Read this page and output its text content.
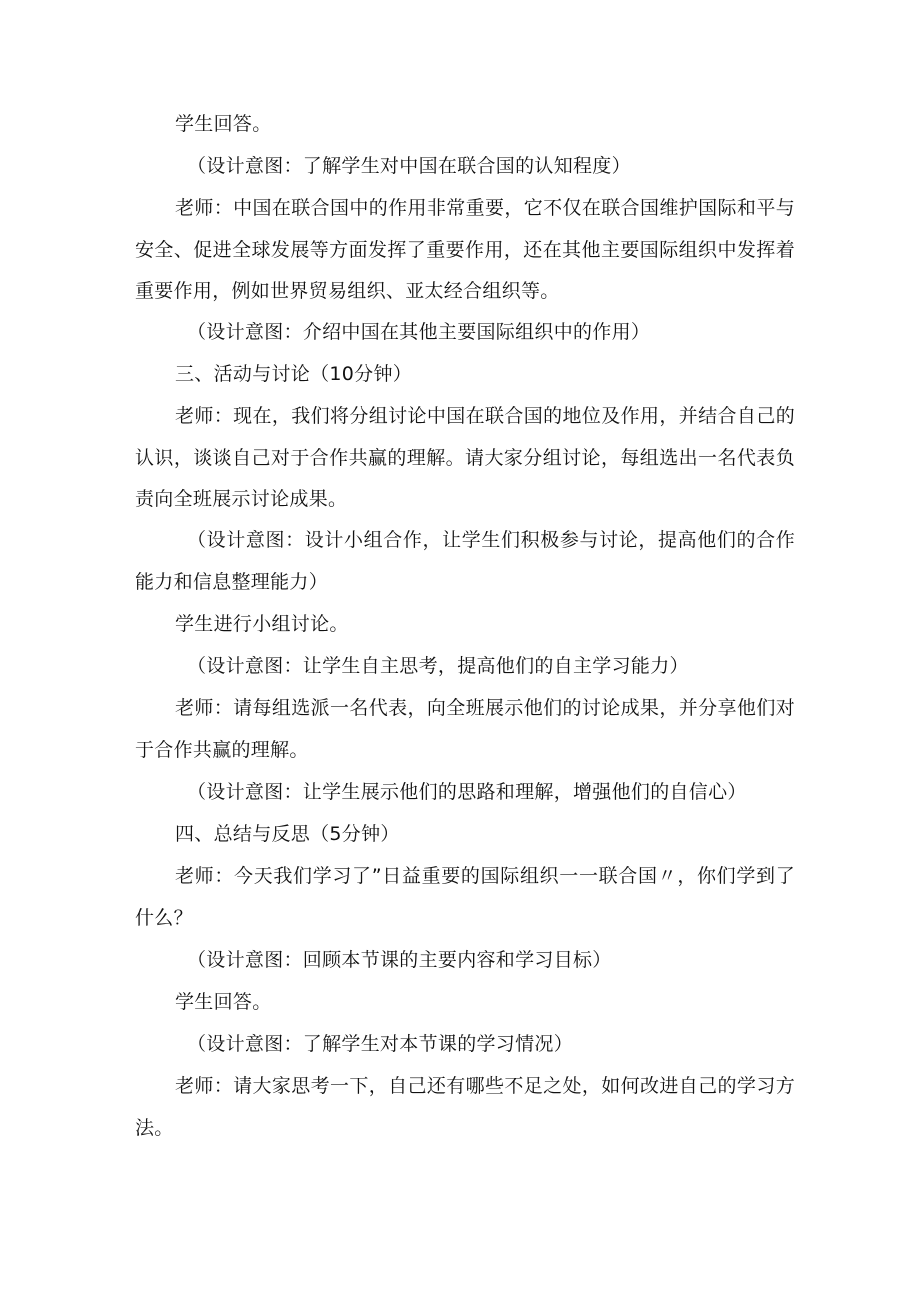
学生回答。

（设计意图：了解学生对中国在联合国的认知程度）

老师：中国在联合国中的作用非常重要，它不仅在联合国维护国际和平与安全、促进全球发展等方面发挥了重要作用，还在其他主要国际组织中发挥着重要作用，例如世界贸易组织、亚太经合组织等。

（设计意图：介绍中国在其他主要国际组织中的作用）

三、活动与讨论（10分钟）

老师：现在，我们将分组讨论中国在联合国的地位及作用，并结合自己的认识，谈谈自己对于合作共赢的理解。请大家分组讨论，每组选出一名代表负责向全班展示讨论成果。

（设计意图：设计小组合作，让学生们积极参与讨论，提高他们的合作能力和信息整理能力）

学生进行小组讨论。

（设计意图：让学生自主思考，提高他们的自主学习能力）

老师：请每组选派一名代表，向全班展示他们的讨论成果，并分享他们对于合作共赢的理解。

（设计意图：让学生展示他们的思路和理解，增强他们的自信心）

四、总结与反思（5分钟）

老师：今天我们学习了”日益重要的国际组织一一联合国〃，你们学到了什么？

（设计意图：回顾本节课的主要内容和学习目标）

学生回答。

（设计意图：了解学生对本节课的学习情况）

老师：请大家思考一下，自己还有哪些不足之处，如何改进自己的学习方法。
